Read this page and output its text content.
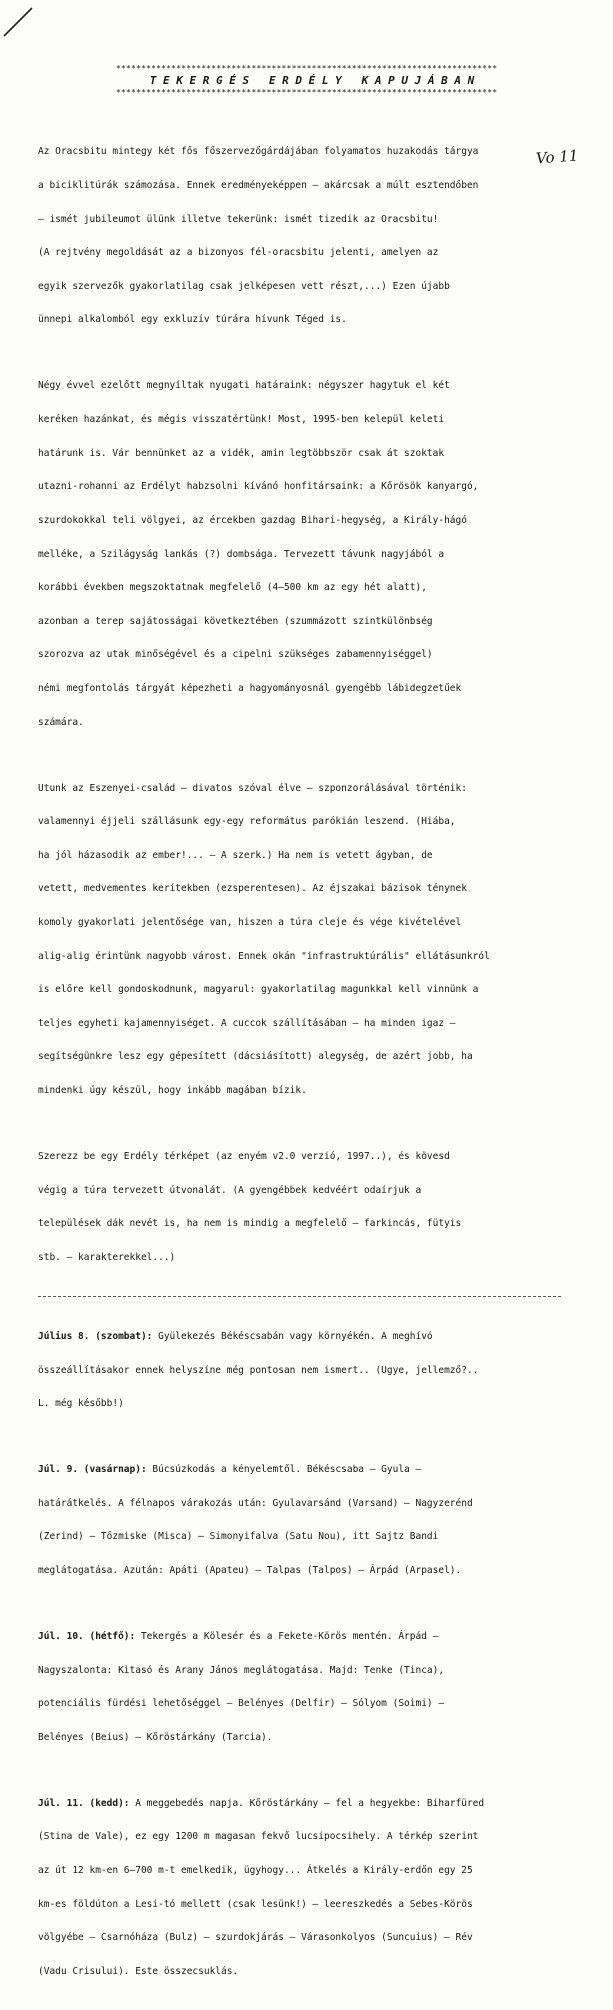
Vo 11
****************************************************************************
T E K E R G É S   E R D É L Y   K A P U J Á B A N
****************************************************************************

Az Oracsbitu mintegy két fős főszervezőgárdájában folyamatos huzakodás tárgya

a biciklitúrák számozása. Ennek eredményeképpen – akárcsak a múlt esztendőben

– ismét jubileumot ülünk illetve tekerünk: ismét tizedik az Oracsbitu!

(A rejtvény megoldását az a bizonyos fél-oracsbitu jelenti, amelyen az

egyik szervezők gyakorlatilag csak jelképesen vett részt,...) Ezen újabb

ünnepi alkalomból egy exkluzív túrára hívunk Téged is.

Négy évvel ezelőtt megnyíltak nyugati határaink: négyszer hagytuk el két

keréken hazánkat, és mégis visszatértünk! Most, 1995-ben kelepül keleti

határunk is. Vár bennünket az a vidék, amin legtöbbször csak át szoktak

utazni-rohanni az Erdélyt habzsolni kívánó honfitársaink: a Kőrösök kanyargó,

szurdokokkal teli völgyei, az ércekben gazdag Bihari-hegység, a Király-hágó

melléke, a Szilágyság lankás (?) dombsága. Tervezett távunk nagyjából a

korábbi években megszoktatnak megfelelő (4–500 km az egy hét alatt),

azonban a terep sajátosságai következtében (szummázott szintkülönbség

szorozva az utak minőségével és a cipelni szükséges zabamennyiséggel)

némi megfontolás tárgyát képezheti a hagyományosnál gyengébb lábidegzetűek

számára.

Utunk az Eszenyei-család – divatos szóval élve – szponzorálásával történik:

valamennyi éjjeli szállásunk egy-egy református parókián leszend. (Hiába,

ha jól házasodik az ember!... – A szerk.) Ha nem is vetett ágyban, de

vetett, medvementes kerítekben (ezsperentesen). Az éjszakai bázisok ténynek

komoly gyakorlati jelentősége van, hiszen a túra cleje és vége kivételével

alig-alig érintünk nagyobb várost. Ennek okán "infrastruktúrális" ellátásunkról

is előre kell gondoskodnunk, magyarul: gyakorlatilag magunkkal kell vinnünk a

teljes egyheti kajamennyiséget. A cuccok szállításában – ha minden igaz –

segítségünkre lesz egy gépesített (dácsiásított) alegység, de azért jobb, ha

mindenki úgy készül, hogy inkább magában bízik.

Szerezz be egy Erdély térképet (az enyém v2.0 verzió, 1997..), és kövesd

végig a túra tervezett útvonalát. (A gyengébbek kedvéért odaírjuk a

települések dák nevét is, ha nem is mindig a megfelelő – farkincás, fütyis

stb. – karakterekkel...)

Július 8. (szombat): Gyülekezés Békéscsabán vagy környékén. A meghívó

összeállításakor ennek helyszíne még pontosan nem ismert.. (Ugye, jellemző?..

L. még később!)

Júl. 9. (vasárnap): Búcsúzkodás a kényelemtől. Békéscsaba – Gyula –

határátkelés. A félnapos várakozás után: Gyulavarsánd (Varsand) – Nagyzerénd

(Zerind) – Tőzmiske (Misca) – Simonyifalva (Satu Nou), itt Sajtz Bandi

meglátogatása. Azután: Apáti (Apateu) – Talpas (Talpos) – Árpád (Arpasel).

Júl. 10. (hétfő): Tekergés a Kölesér és a Fekete-Körös mentén. Árpád –

Nagyszalonta: Kitasó és Arany János meglátogatása. Majd: Tenke (Tinca),

potenciális fürdési lehetőséggel – Belényes (Delfir) – Sólyom (Soimi) –

Belényes (Beius) – Kőröstárkány (Tarcia).

Júl. 11. (kedd): A meggebedés napja. Kőröstárkány – fel a hegyekbe: Biharfüred

(Stina de Vale), ez egy 1200 m magasan fekvő lucsipocsihely. A térkép szerint

az út 12 km-en 6–700 m-t emelkedik, ügyhogy... Átkelés a Király-erdőn egy 25

km-es földúton a Lesi-tó mellett (csak lesünk!) – leereszkedés a Sebes-Körös

völgyébe – Csarnóháza (Bulz) – szurdokjárás – Várasonkolyos (Suncuius) – Rév

(Vadu Crisului). Este összecsuklás.
